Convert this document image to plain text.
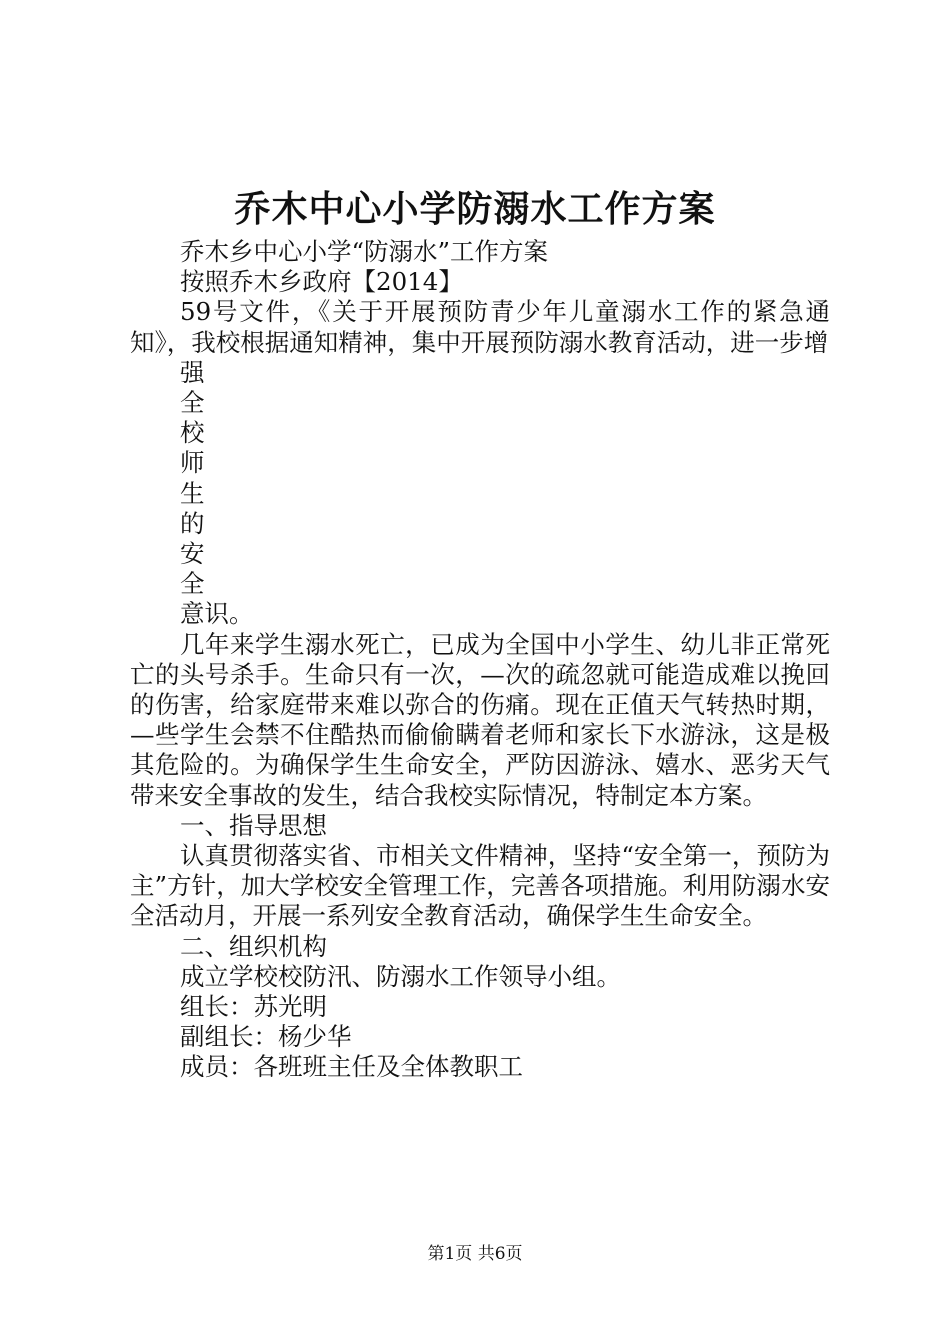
乔木中心小学防溺水工作方案

乔木乡中心小学“防溺水”工作方案

按照乔木乡政府【2014】

59号文件，《关于开展预防青少年儿童溺水工作的紧急通知》，我校根据通知精神，集中开展预防溺水教育活动，进一步增

强
全
校
师
生
的
安
全
意识。

几年来学生溺水死亡，已成为全国中小学生、幼儿非正常死亡的头号杀手。生命只有一次，—次的疏忽就可能造成难以挽回的伤害，给家庭带来难以弥合的伤痛。现在正值天气转热时期，—些学生会禁不住酷热而偷偷瞒着老师和家长下水游泳，这是极其危险的。为确保学生生命安全，严防因游泳、嬉水、恶劣天气带来安全事故的发生，结合我校实际情况，特制定本方案。

一、指导思想

认真贯彻落实省、市相关文件精神，坚持“安全第一，预防为主”方针，加大学校安全管理工作，完善各项措施。利用防溺水安全活动月，开展一系列安全教育活动，确保学生生命安全。

二、组织机构

成立学校校防汛、防溺水工作领导小组。

组长：苏光明

副组长：杨少华

成员：各班班主任及全体教职工

第1页 共6页
